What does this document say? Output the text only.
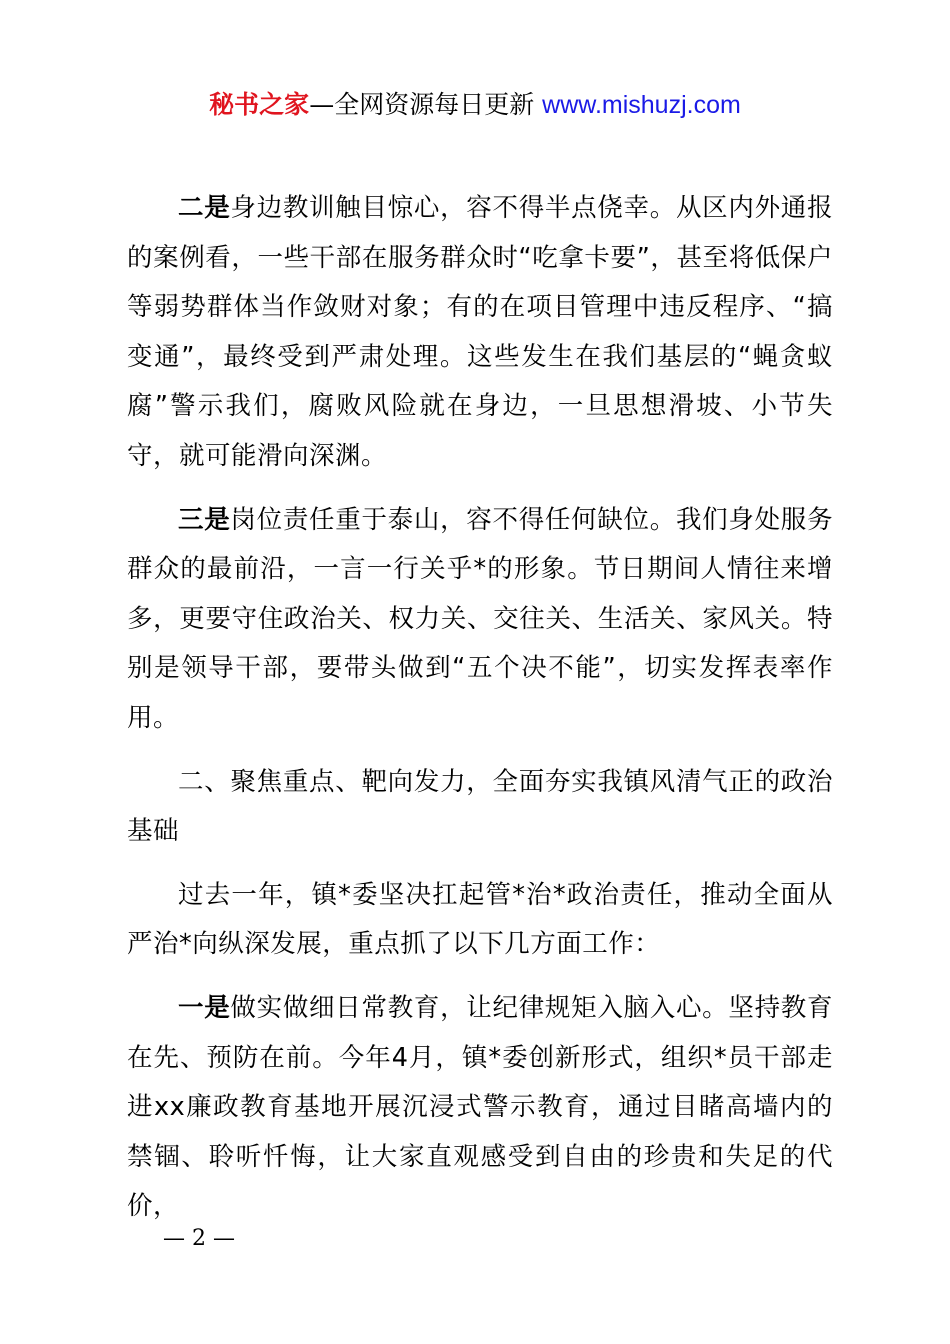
秘书之家—全网资源每日更新 www.mishuzj.com

二是身边教训触目惊心，容不得半点侥幸。从区内外通报的案例看，一些干部在服务群众时“吃拿卡要”，甚至将低保户等弱势群体当作敛财对象；有的在项目管理中违反程序、“搞变通”，最终受到严肃处理。这些发生在我们基层的“蝇贪蚁腐”警示我们，腐败风险就在身边，一旦思想滑坡、小节失守，就可能滑向深渊。

三是岗位责任重于泰山，容不得任何缺位。我们身处服务群众的最前沿，一言一行关乎*的形象。节日期间人情往来增多，更要守住政治关、权力关、交往关、生活关、家风关。特别是领导干部，要带头做到“五个决不能”，切实发挥表率作用。

二、聚焦重点、靶向发力，全面夯实我镇风清气正的政治基础

过去一年，镇*委坚决扛起管*治*政治责任，推动全面从严治*向纵深发展，重点抓了以下几方面工作：

一是做实做细日常教育，让纪律规矩入脑入心。坚持教育在先、预防在前。今年4月，镇*委创新形式，组织*员干部走进xx廉政教育基地开展沉浸式警示教育，通过目睹高墙内的禁锢、聆听忏悔，让大家直观感受到自由的珍贵和失足的代价，

— 2 —
